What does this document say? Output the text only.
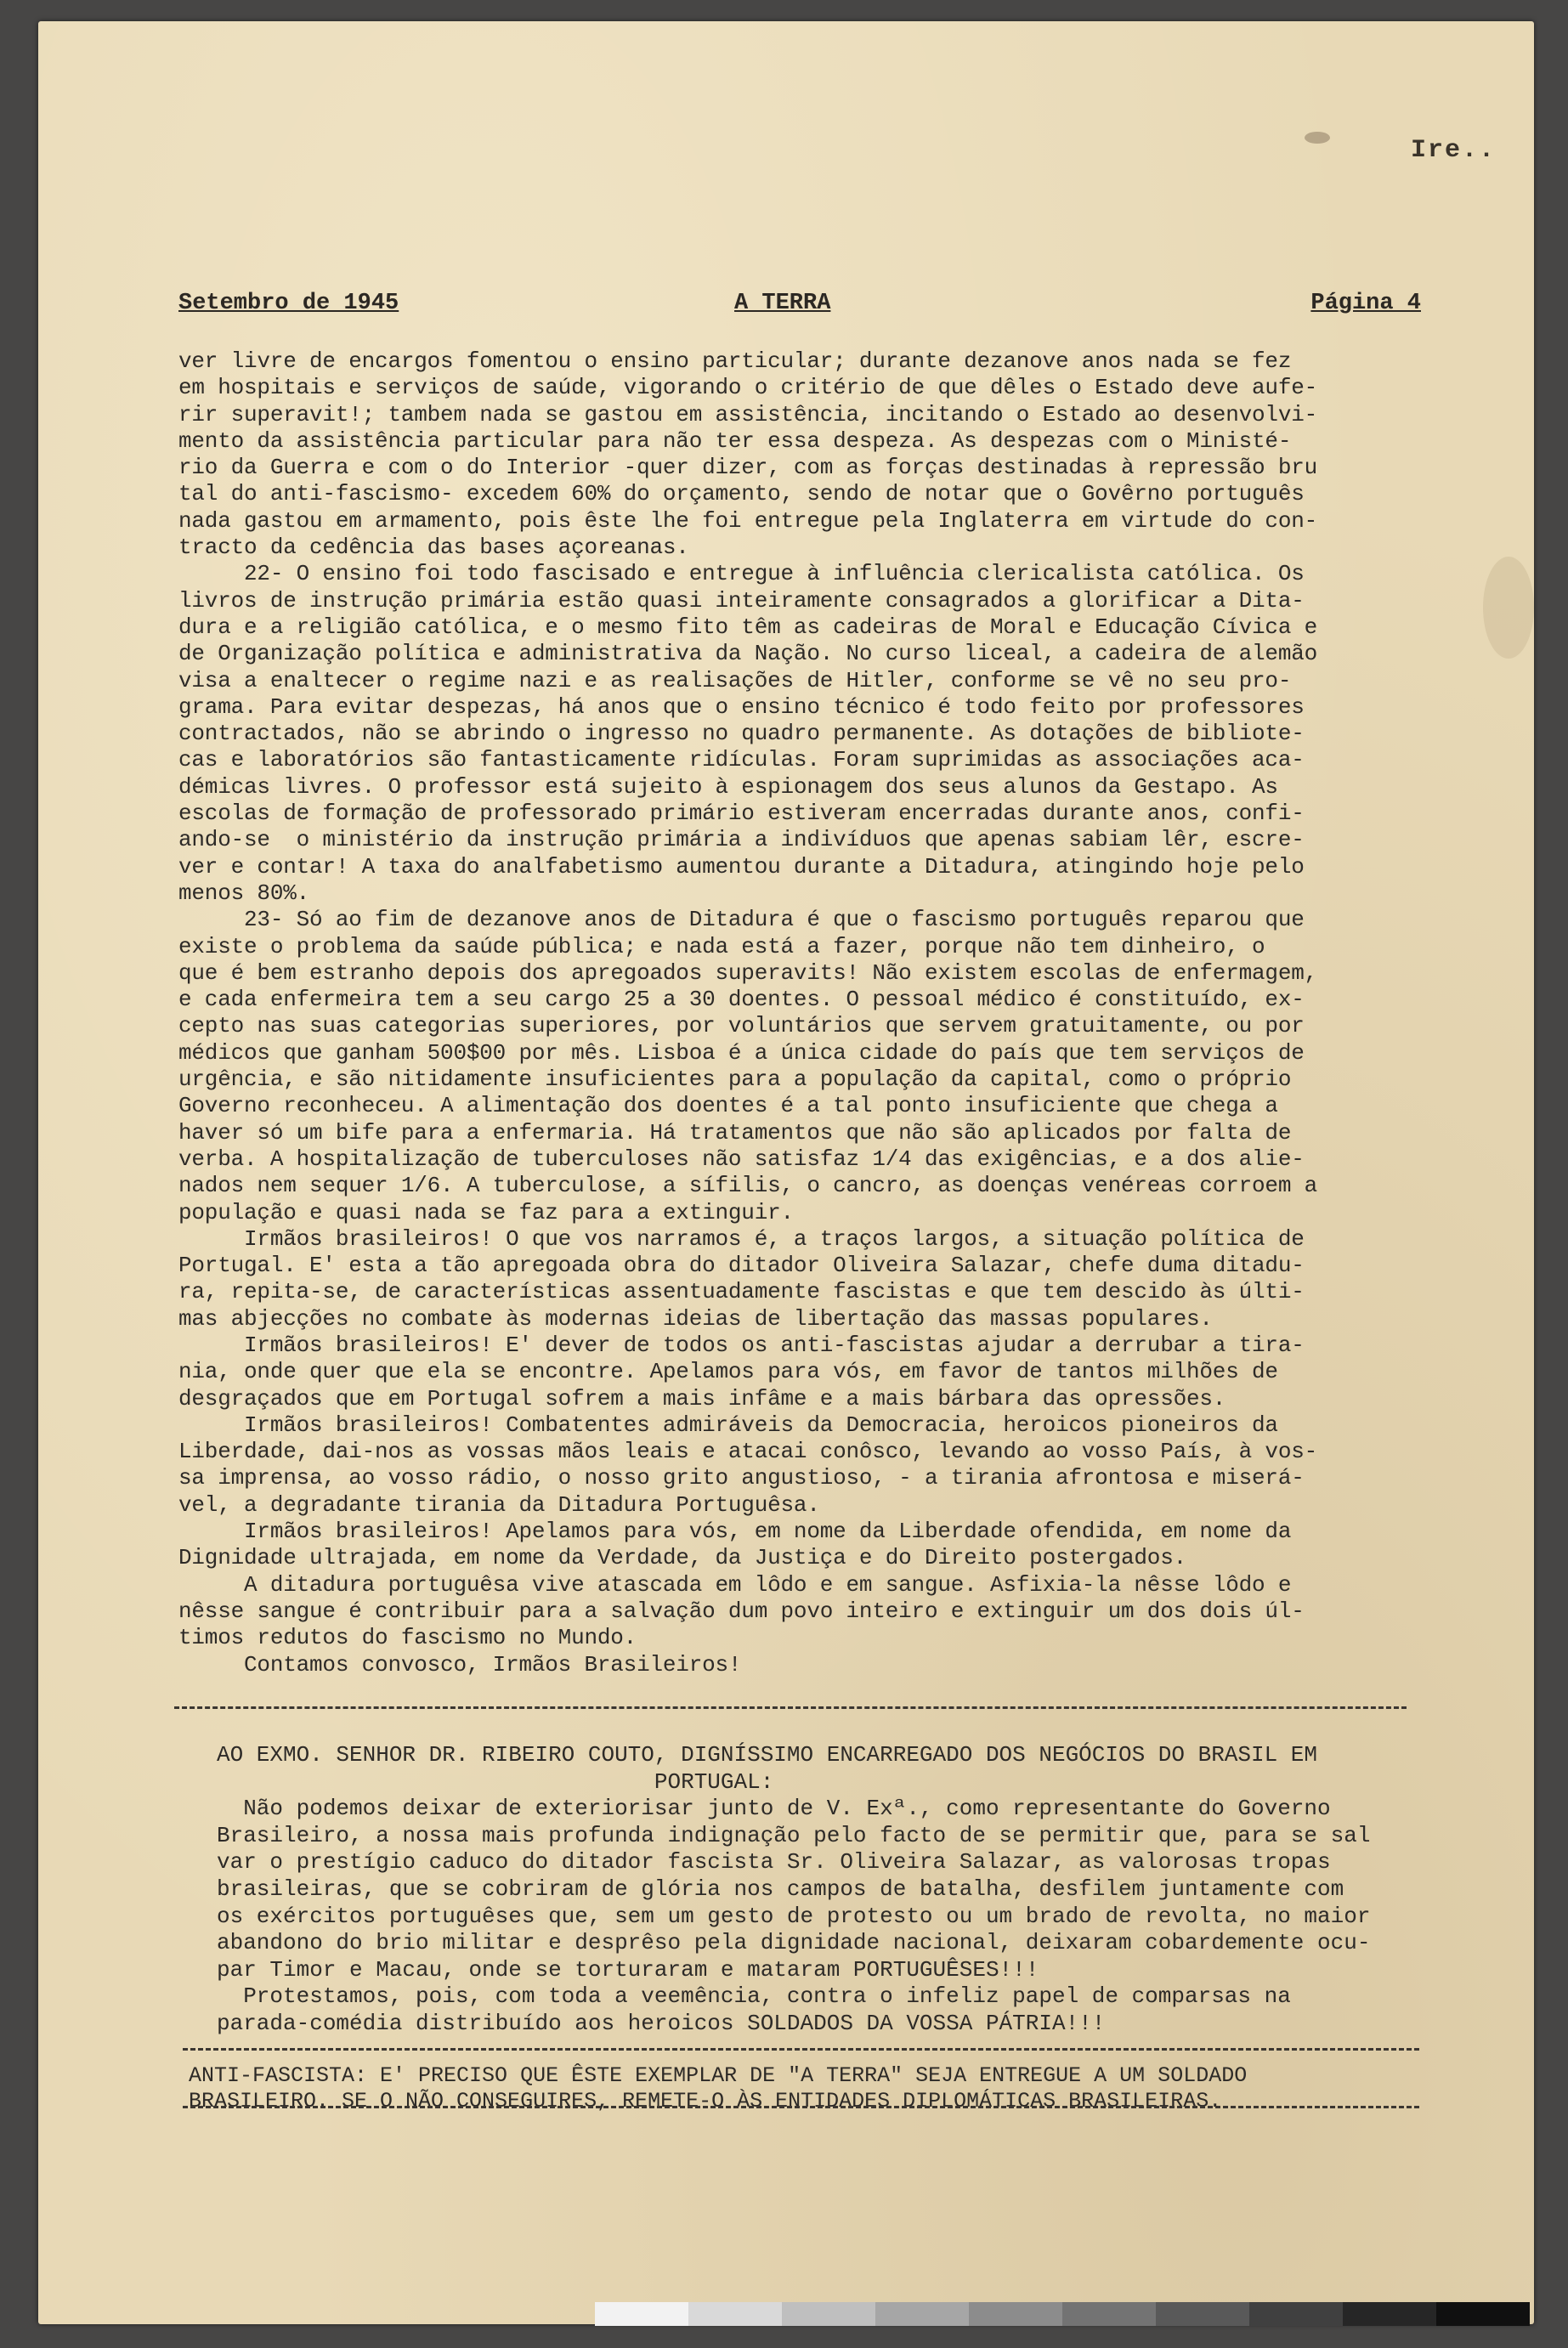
Ire..
Setembro de 1945	A TERRA	Página 4
ver livre de encargos fomentou o ensino particular; durante dezanove anos nada se fez
em hospitais e serviços de saúde, vigorando o critério de que dêles o Estado deve aufe-
rir superavit!; tambem nada se gastou em assistência, incitando o Estado ao desenvolvi-
mento da assistência particular para não ter essa despeza. As despezas com o Ministé-
rio da Guerra e com o do Interior -quer dizer, com as forças destinadas à repressão bru
tal do anti-fascismo- excedem 60% do orçamento, sendo de notar que o Govêrno português
nada gastou em armamento, pois êste lhe foi entregue pela Inglaterra em virtude do con-
tracto da cedência das bases açoreanas.
22- O ensino foi todo fascisado e entregue à influência clericalista católica. Os
livros de instrução primária estão quasi inteiramente consagrados a glorificar a Dita-
dura e a religião católica, e o mesmo fito têm as cadeiras de Moral e Educação Cívica e
de Organização política e administrativa da Nação. No curso liceal, a cadeira de alemão
visa a enaltecer o regime nazi e as realisações de Hitler, conforme se vê no seu pro-
grama. Para evitar despezas, há anos que o ensino técnico é todo feito por professores
contractados, não se abrindo o ingresso no quadro permanente. As dotações de bibliote-
cas e laboratórios são fantasticamente ridículas. Foram suprimidas as associações aca-
démicas livres. O professor está sujeito à espionagem dos seus alunos da Gestapo. As
escolas de formação de professorado primário estiveram encerradas durante anos, confi-
ando-se  o ministério da instrução primária a indivíduos que apenas sabiam lêr, escre-
ver e contar! A taxa do analfabetismo aumentou durante a Ditadura, atingindo hoje pelo
menos 80%.
23- Só ao fim de dezanove anos de Ditadura é que o fascismo português reparou que
existe o problema da saúde pública; e nada está a fazer, porque não tem dinheiro, o
que é bem estranho depois dos apregoados superavits! Não existem escolas de enfermagem,
e cada enfermeira tem a seu cargo 25 a 30 doentes. O pessoal médico é constituído, ex-
cepto nas suas categorias superiores, por voluntários que servem gratuitamente, ou por
médicos que ganham 500$00 por mês. Lisboa é a única cidade do país que tem serviços de
urgência, e são nitidamente insuficientes para a população da capital, como o próprio
Governo reconheceu. A alimentação dos doentes é a tal ponto insuficiente que chega a
haver só um bife para a enfermaria. Há tratamentos que não são aplicados por falta de
verba. A hospitalização de tuberculoses não satisfaz 1/4 das exigências, e a dos alie-
nados nem sequer 1/6. A tuberculose, a sífilis, o cancro, as doenças venéreas corroem a
população e quasi nada se faz para a extinguir.
Irmãos brasileiros! O que vos narramos é, a traços largos, a situação política de
Portugal. E' esta a tão apregoada obra do ditador Oliveira Salazar, chefe duma ditadu-
ra, repita-se, de características assentuadamente fascistas e que tem descido às últi-
mas abjecções no combate às modernas ideias de libertação das massas populares.
Irmãos brasileiros! E' dever de todos os anti-fascistas ajudar a derrubar a tira-
nia, onde quer que ela se encontre. Apelamos para vós, em favor de tantos milhões de
desgraçados que em Portugal sofrem a mais infâme e a mais bárbara das opressões.
Irmãos brasileiros! Combatentes admiráveis da Democracia, heroicos pioneiros da
Liberdade, dai-nos as vossas mãos leais e atacai conôsco, levando ao vosso País, à vos-
sa imprensa, ao vosso rádio, o nosso grito angustioso, - a tirania afrontosa e miserá-
vel, a degradante tirania da Ditadura Portuguêsa.
Irmãos brasileiros! Apelamos para vós, em nome da Liberdade ofendida, em nome da
Dignidade ultrajada, em nome da Verdade, da Justiça e do Direito postergados.
A ditadura portuguêsa vive atascada em lôdo e em sangue. Asfixia-la nêsse lôdo e
nêsse sangue é contribuir para a salvação dum povo inteiro e extinguir um dos dois úl-
timos redutos do fascismo no Mundo.
Contamos convosco, Irmãos Brasileiros!
AO EXMO. SENHOR DR. RIBEIRO COUTO, DIGNÍSSIMO ENCARREGADO DOS NEGÓCIOS DO BRASIL EM
PORTUGAL:
Não podemos deixar de exteriorisar junto de V. Exª., como representante do Governo
Brasileiro, a nossa mais profunda indignação pelo facto de se permitir que, para se sal
var o prestígio caduco do ditador fascista Sr. Oliveira Salazar, as valorosas tropas
brasileiras, que se cobriram de glória nos campos de batalha, desfilem juntamente com
os exércitos portuguêses que, sem um gesto de protesto ou um brado de revolta, no maior
abandono do brio militar e desprêso pela dignidade nacional, deixaram cobardemente ocu-
par Timor e Macau, onde se torturaram e mataram PORTUGUÊSES!!!
Protestamos, pois, com toda a veemência, contra o infeliz papel de comparsas na
parada-comédia distribuído aos heroicos SOLDADOS DA VOSSA PÁTRIA!!!
ANTI-FASCISTA: E' PRECISO QUE ÊSTE EXEMPLAR DE "A TERRA" SEJA ENTREGUE A UM SOLDADO
BRASILEIRO. SE O NÃO CONSEGUIRES, REMETE-O ÀS ENTIDADES DIPLOMÁTICAS BRASILEIRAS.
